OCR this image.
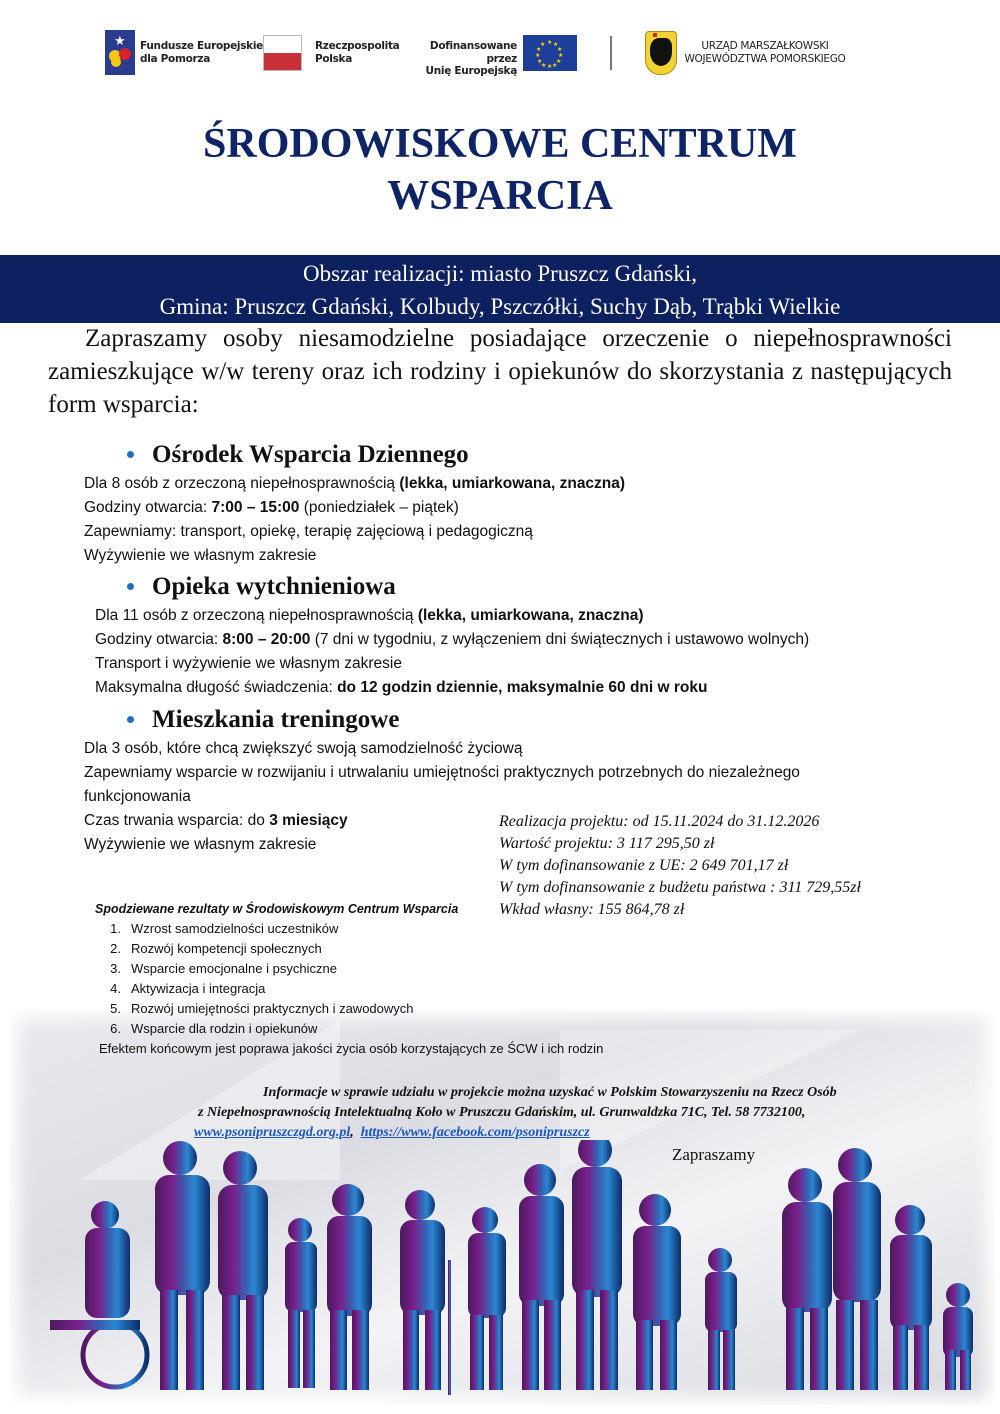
★ Fundusze Europejskie
dla Pomorza
Rzeczpospolita
Polska
Dofinansowane przez
Unię Europejską
★ ★
★
★
★
★
★
★
★
★
★
★	URZĄD MARSZAŁKOWSKI
WOJEWÓDZTWA POMORSKIEGO
ŚRODOWISKOWE CENTRUM
WSPARCIA
Obszar realizacji: miasto Pruszcz Gdański,
Gmina: Pruszcz Gdański, Kolbudy, Pszczółki, Suchy Dąb, Trąbki Wielkie
Zapraszamy osoby niesamodzielne posiadające orzeczenie o niepełnosprawności zamieszkujące w/w tereny oraz ich rodziny i opiekunów do skorzystania z następujących form wsparcia:
Ośrodek Wsparcia Dziennego
Dla 8 osób z orzeczoną niepełnosprawnością (lekka, umiarkowana, znaczna)
Godziny otwarcia: 7:00 – 15:00 (poniedziałek – piątek)
Zapewniamy: transport, opiekę, terapię zajęciową i pedagogiczną
Wyżywienie we własnym zakresie
Opieka wytchnieniowa
Dla 11 osób z orzeczoną niepełnosprawnością (lekka, umiarkowana, znaczna)
Godziny otwarcia: 8:00 – 20:00 (7 dni w tygodniu, z wyłączeniem dni świątecznych i ustawowo wolnych)
Transport i wyżywienie we własnym zakresie
Maksymalna długość świadczenia: do 12 godzin dziennie, maksymalnie 60 dni w roku
Mieszkania treningowe
Dla 3 osób, które chcą zwiększyć swoją samodzielność życiową
Zapewniamy wsparcie w rozwijaniu i utrwalaniu umiejętności praktycznych potrzebnych do niezależnego
funkcjonowania
Czas trwania wsparcia: do 3 miesiący
Wyżywienie we własnym zakresie
Realizacja projektu: od 15.11.2024 do 31.12.2026
Wartość projektu: 3 117 295,50 zł
W tym dofinansowanie z UE: 2 649 701,17 zł
W tym dofinansowanie z budżetu państwa : 311 729,55zł
Wkład własny: 155 864,78 zł
Spodziewane rezultaty w Środowiskowym Centrum Wsparcia
1. Wzrost samodzielności uczestników
2. Rozwój kompetencji społecznych
3. Wsparcie emocjonalne i psychiczne
4. Aktywizacja i integracja
5. Rozwój umiejętności praktycznych i zawodowych
6. Wsparcie dla rodzin i opiekunów
Efektem końcowym jest poprawa jakości życia osób korzystających ze ŚCW i ich rodzin
Informacje w sprawie udziału w projekcie można uzyskać w Polskim Stowarzyszeniu na Rzecz Osób
z Niepełnosprawnością Intelektualną Koło w Pruszczu Gdańskim, ul. Grunwaldzka 71C, Tel. 58 7732100,
www.psonipruszczgd.org.pl,  https://www.facebook.com/psonipruszcz
Zapraszamy
